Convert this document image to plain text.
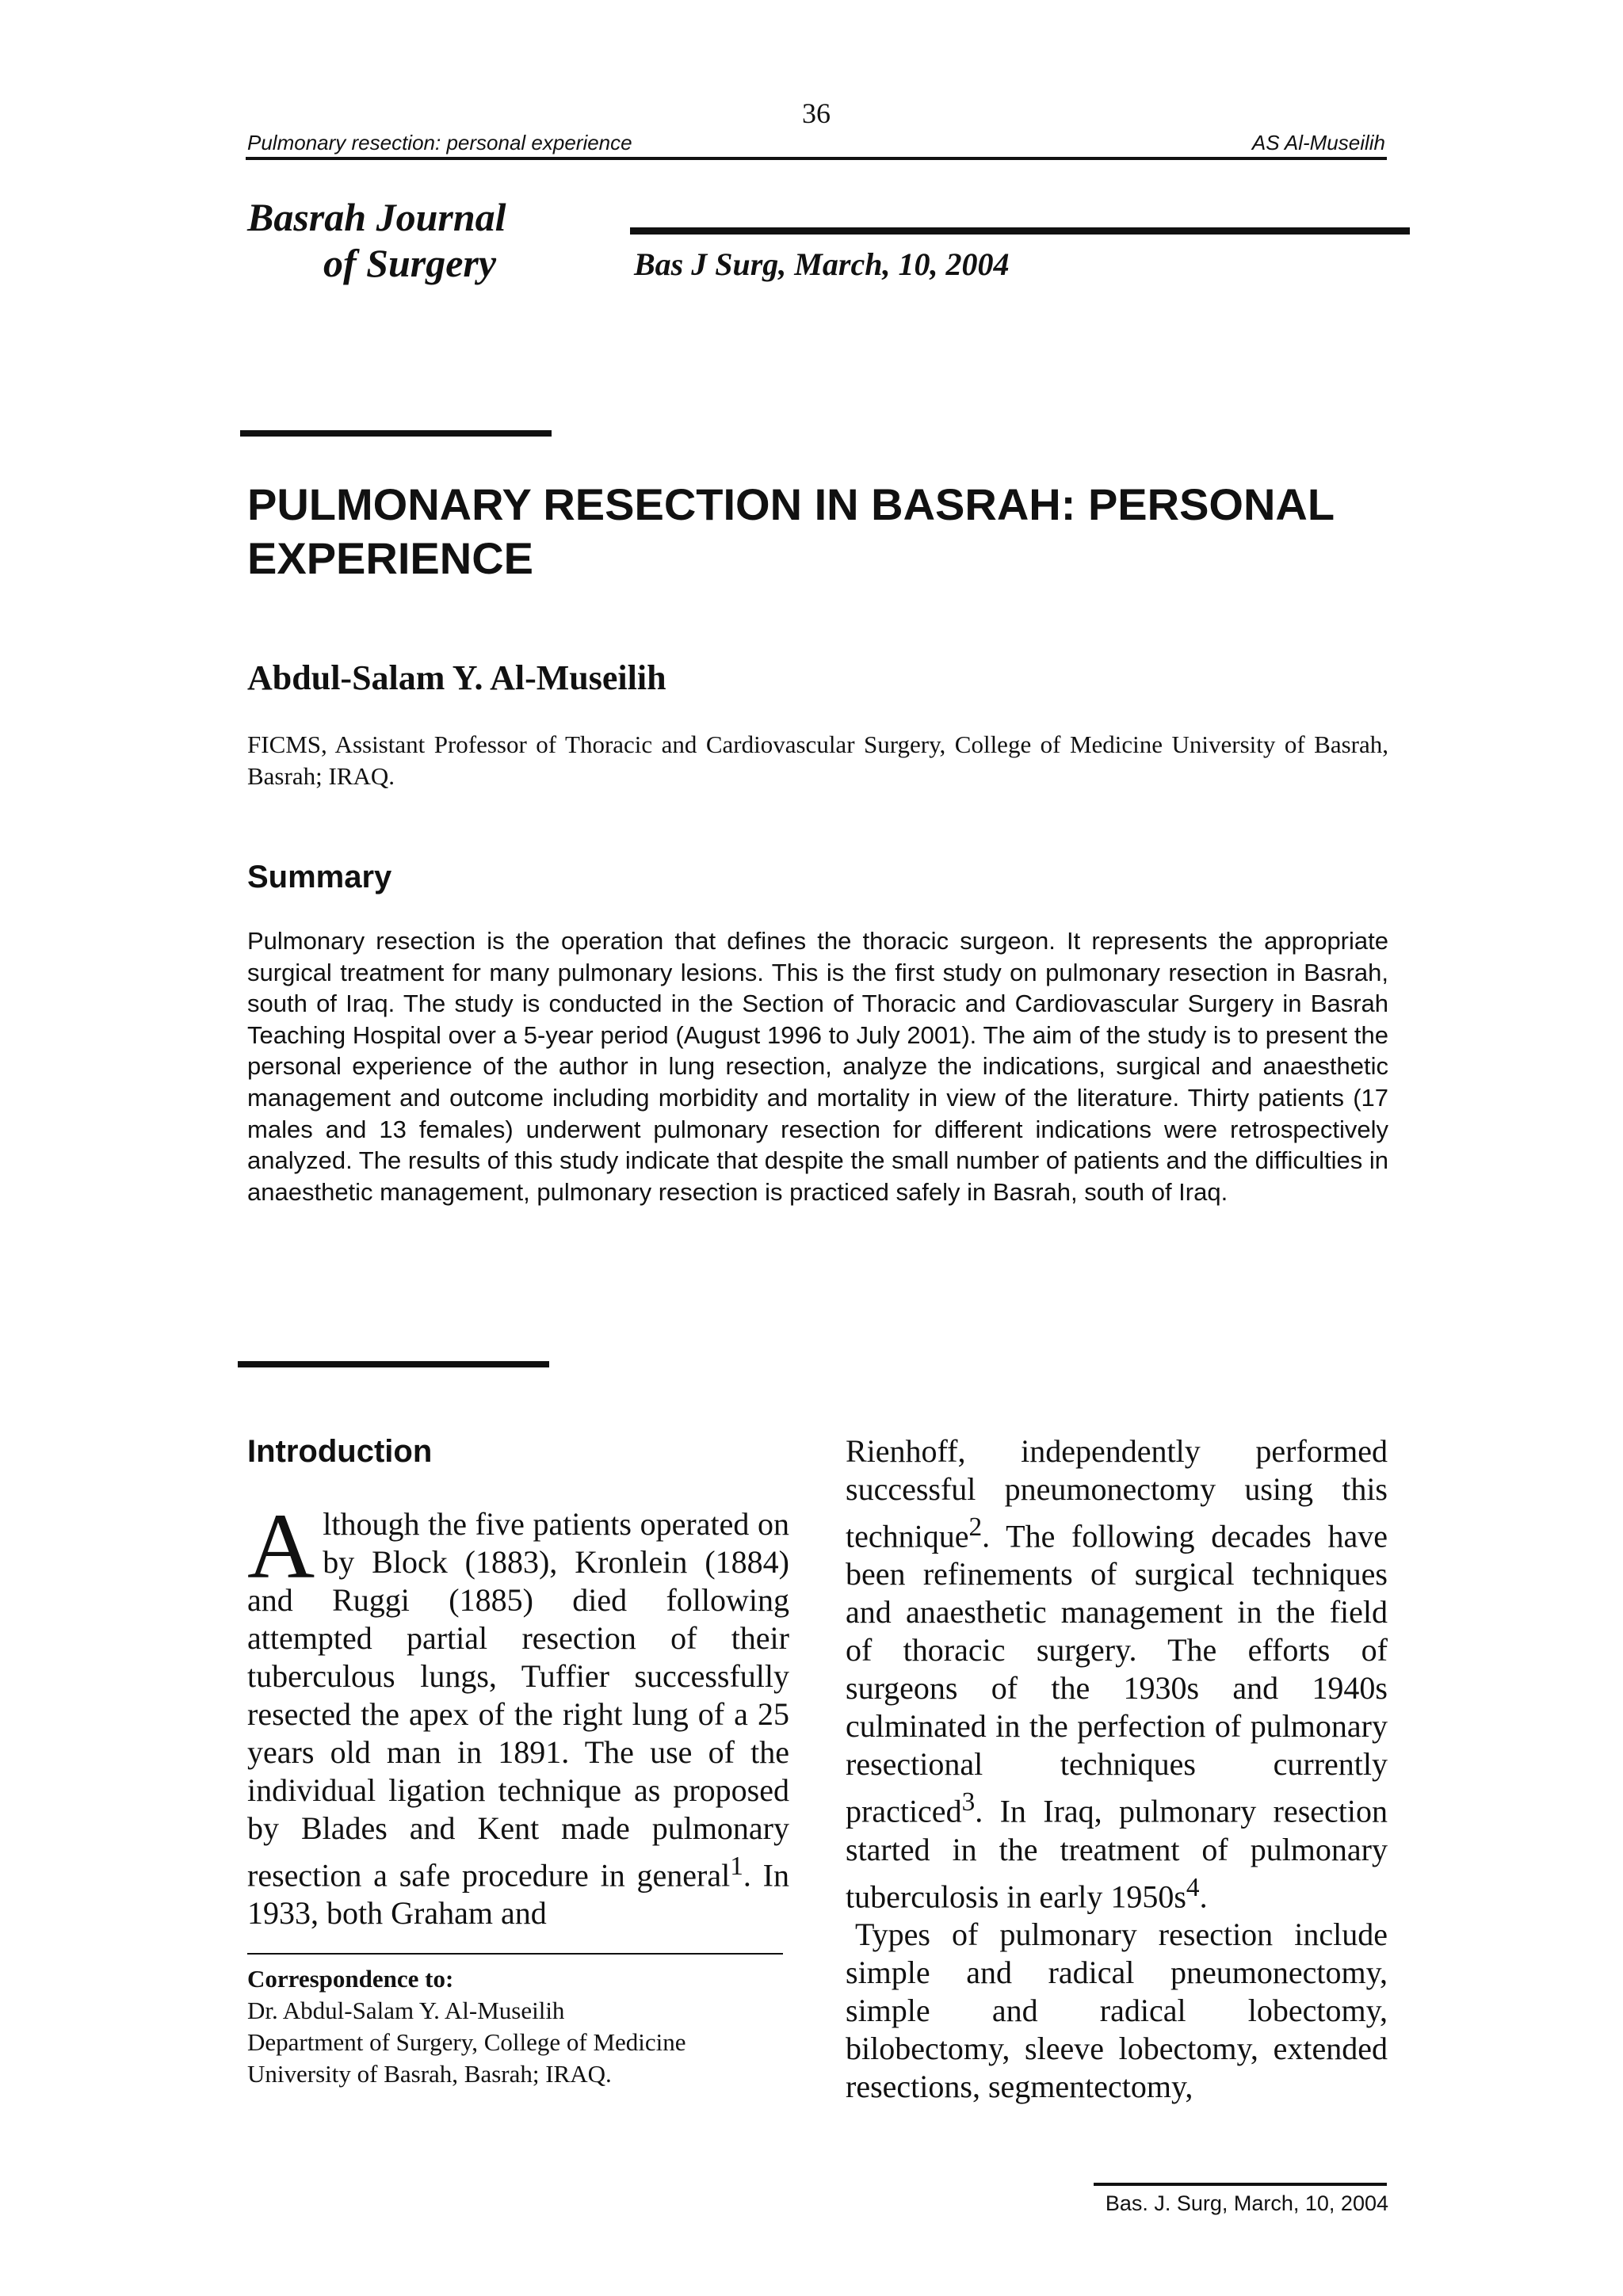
36
Pulmonary resection: personal experience	AS Al-Museilih
Basrah Journal
of Surgery	Bas J Surg, March, 10, 2004
PULMONARY RESECTION IN BASRAH: PERSONAL EXPERIENCE
Abdul-Salam Y. Al-Museilih
FICMS, Assistant Professor of Thoracic and Cardiovascular Surgery, College of Medicine University of Basrah, Basrah; IRAQ.
Summary
Pulmonary resection is the operation that defines the thoracic surgeon. It represents the appropriate surgical treatment for many pulmonary lesions. This is the first study on pulmonary resection in Basrah, south of Iraq. The study is conducted in the Section of Thoracic and Cardiovascular Surgery in Basrah Teaching Hospital over a 5-year period (August 1996 to July 2001). The aim of the study is to present the personal experience of the author in lung resection, analyze the indications, surgical and anaesthetic management and outcome including morbidity and mortality in view of the literature. Thirty patients (17 males and 13 females) underwent pulmonary resection for different indications were retrospectively analyzed. The results of this study indicate that despite the small number of patients and the difficulties in anaesthetic management, pulmonary resection is practiced safely in Basrah, south of Iraq.
Introduction
Although the five patients operated on by Block (1883), Kronlein (1884) and Ruggi (1885) died following attempted partial resection of their tuberculous lungs, Tuffier successfully resected the apex of the right lung of a 25 years old man in 1891. The use of the individual ligation technique as proposed by Blades and Kent made pulmonary resection a safe procedure in general$^1$. In 1933, both Graham and
Correspondence to:
Dr. Abdul-Salam Y. Al-Museilih
Department of Surgery, College of Medicine University of Basrah, Basrah; IRAQ.

Rienhoff, independently performed successful pneumonectomy using this technique$^2$. The following decades have been refinements of surgical techniques and anaesthetic management in the field of thoracic surgery. The efforts of surgeons of the 1930s and 1940s culminated in the perfection of pulmonary resectional techniques currently practiced$^3$. In Iraq, pulmonary resection started in the treatment of pulmonary tuberculosis in early $1950s^4$.

Types of pulmonary resection include simple and radical pneumonectomy, simple and radical lobectomy, bilobectomy, sleeve lobectomy, extended resections, segmentectomy,

Bas. J. Surg, March, 10, 2004
